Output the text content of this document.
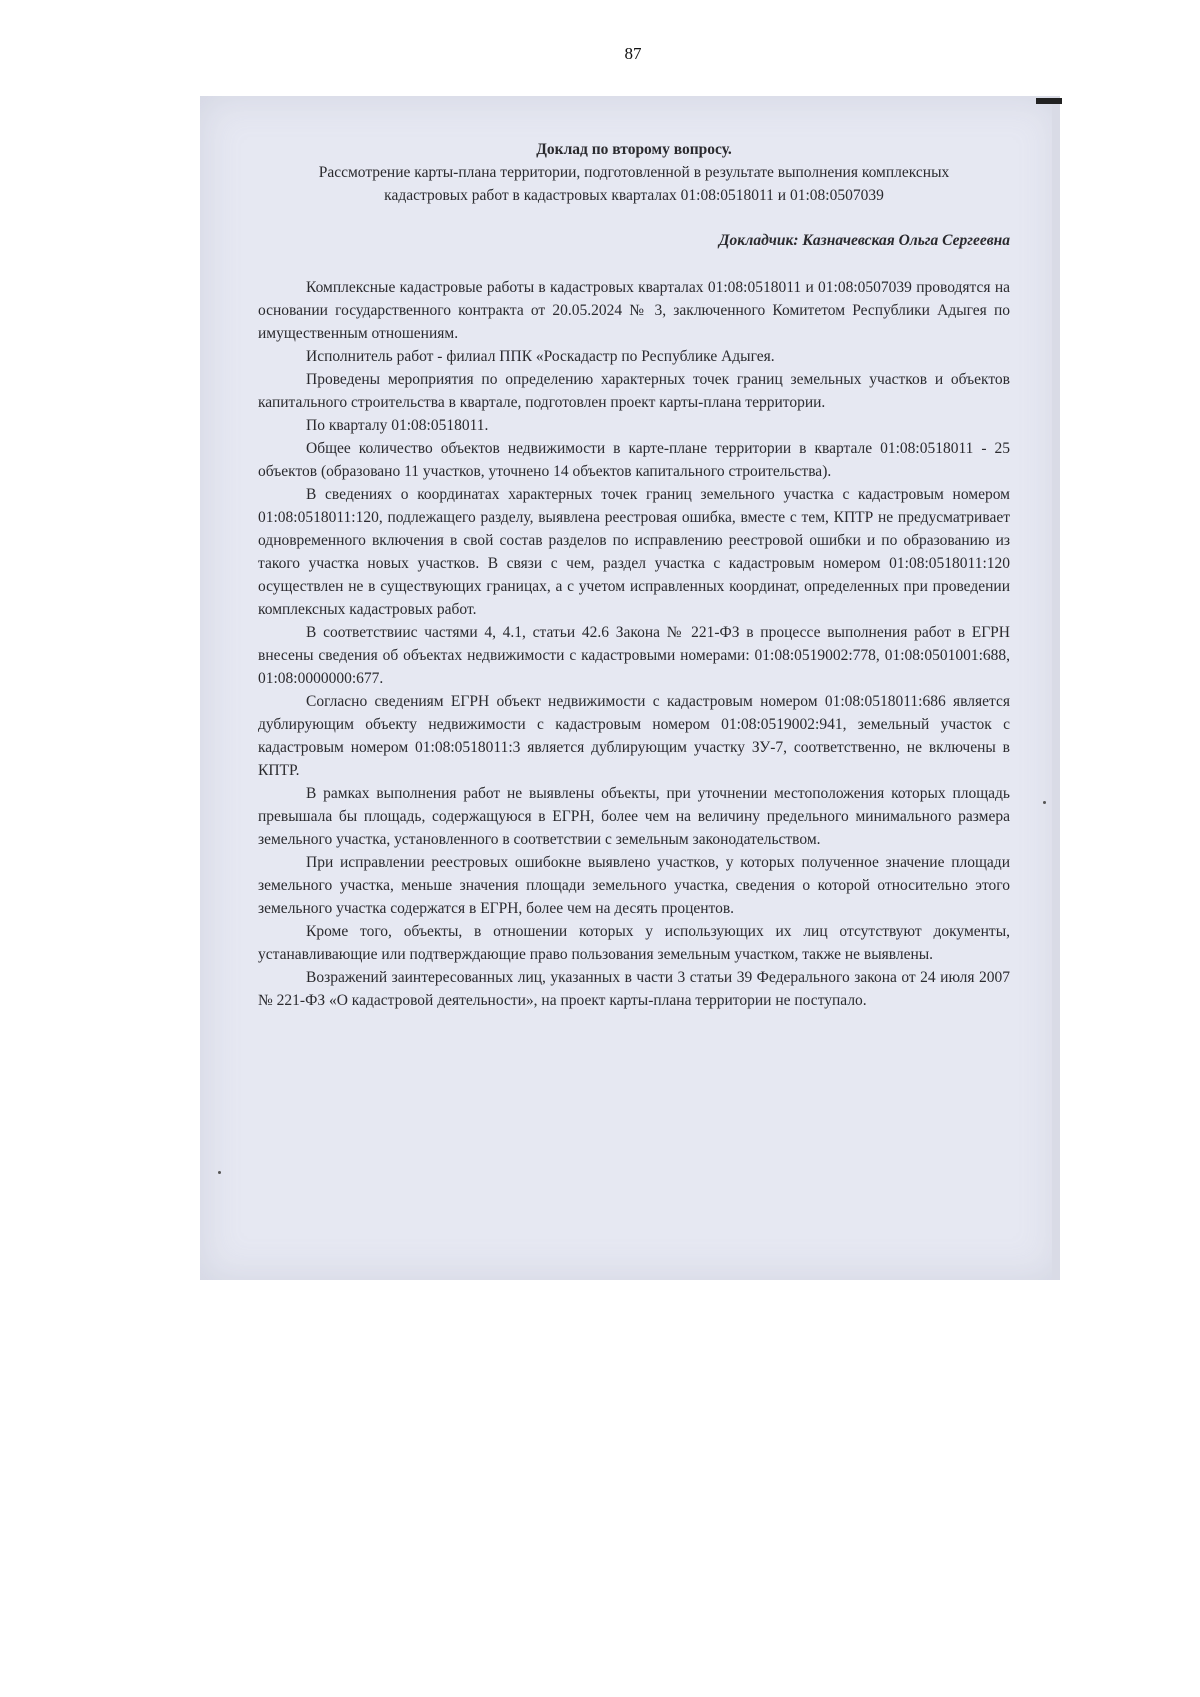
87

Доклад по второму вопросу.

Рассмотрение карты-плана территории, подготовленной в результате выполнения комплексных кадастровых работ в кадастровых кварталах 01:08:0518011 и 01:08:0507039

Докладчик: Казначевская Ольга Сергеевна

Комплексные кадастровые работы в кадастровых кварталах 01:08:0518011 и 01:08:0507039 проводятся на основании государственного контракта от 20.05.2024 № 3, заключенного Комитетом Республики Адыгея по имущественным отношениям.

Исполнитель работ - филиал ППК «Роскадастр по Республике Адыгея.

Проведены мероприятия по определению характерных точек границ земельных участков и объектов капитального строительства в квартале, подготовлен проект карты-плана территории.

По кварталу 01:08:0518011.

Общее количество объектов недвижимости в карте-плане территории в квартале 01:08:0518011 - 25 объектов (образовано 11 участков, уточнено 14 объектов капитального строительства).

В сведениях о координатах характерных точек границ земельного участка с кадастровым номером 01:08:0518011:120, подлежащего разделу, выявлена реестровая ошибка, вместе с тем, КПТР не предусматривает одновременного включения в свой состав разделов по исправлению реестровой ошибки и по образованию из такого участка новых участков. В связи с чем, раздел участка с кадастровым номером 01:08:0518011:120 осуществлен не в существующих границах, а с учетом исправленных координат, определенных при проведении комплексных кадастровых работ.

В соответствиис частями 4, 4.1, статьи 42.6 Закона № 221-ФЗ в процессе выполнения работ в ЕГРН внесены сведения об объектах недвижимости с кадастровыми номерами: 01:08:0519002:778, 01:08:0501001:688, 01:08:0000000:677.

Согласно сведениям ЕГРН объект недвижимости с кадастровым номером 01:08:0518011:686 является дублирующим объекту недвижимости с кадастровым номером 01:08:0519002:941, земельный участок с кадастровым номером 01:08:0518011:3 является дублирующим участку ЗУ-7, соответственно, не включены в КПТР.

В рамках выполнения работ не выявлены объекты, при уточнении местоположения которых площадь превышала бы площадь, содержащуюся в ЕГРН, более чем на величину предельного минимального размера земельного участка, установленного в соответствии с земельным законодательством.

При исправлении реестровых ошибокне выявлено участков, у которых полученное значение площади земельного участка, меньше значения площади земельного участка, сведения о которой относительно этого земельного участка содержатся в ЕГРН, более чем на десять процентов.

Кроме того, объекты, в отношении которых у использующих их лиц отсутствуют документы, устанавливающие или подтверждающие право пользования земельным участком, также не выявлены.

Возражений заинтересованных лиц, указанных в части 3 статьи 39 Федерального закона от 24 июля 2007 № 221-ФЗ «О кадастровой деятельности», на проект карты-плана территории не поступало.
